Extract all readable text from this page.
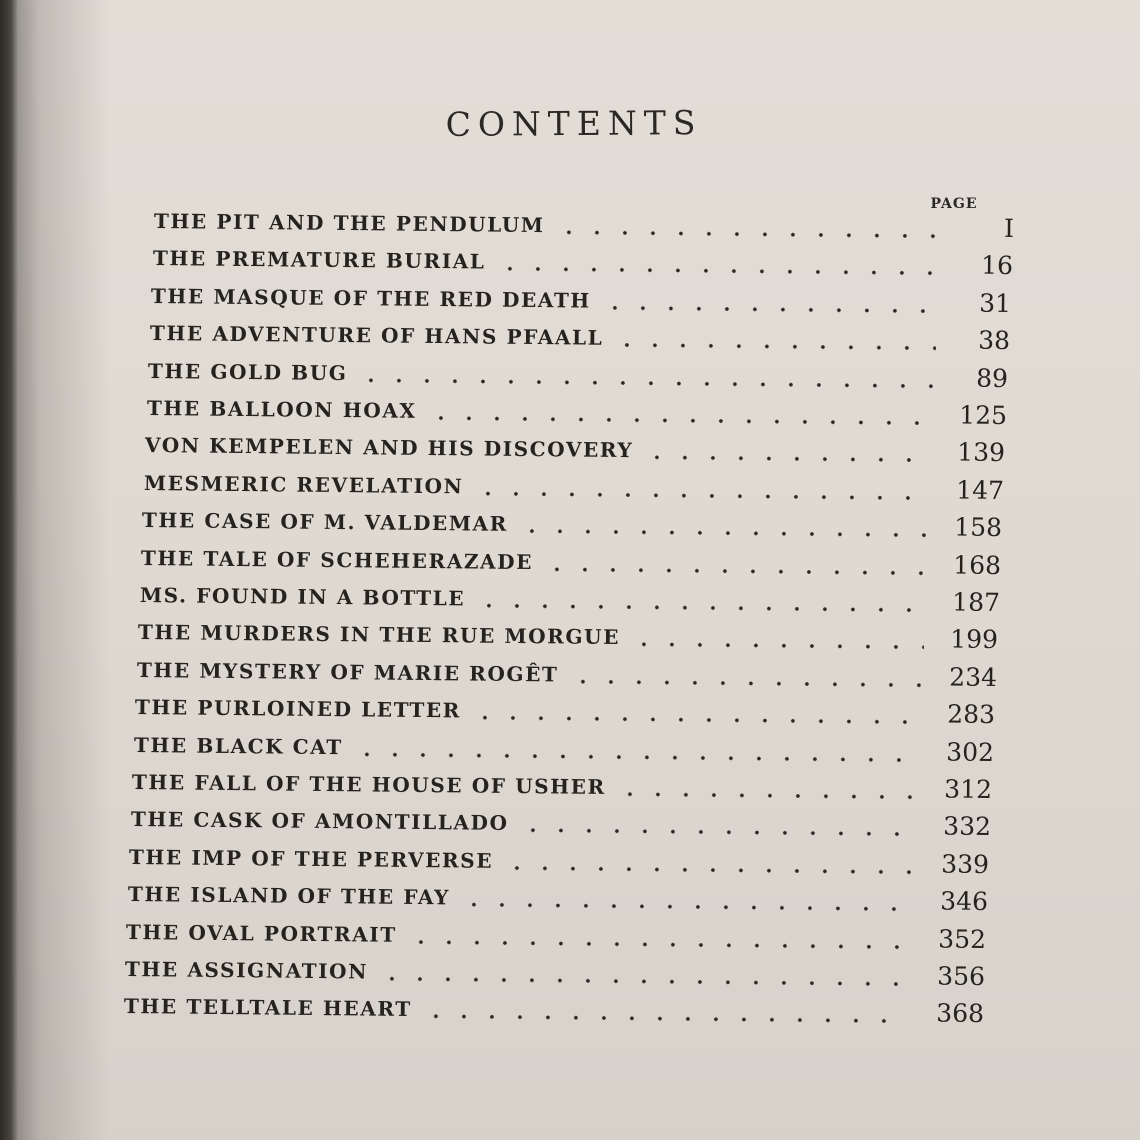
CONTENTS
PAGE
THE PIT AND THE PENDULUM	I
THE PREMATURE BURIAL	16
THE MASQUE OF THE RED DEATH	31
THE ADVENTURE OF HANS PFAALL	38
THE GOLD BUG	89
THE BALLOON HOAX	125
VON KEMPELEN AND HIS DISCOVERY	139
MESMERIC REVELATION	147
THE CASE OF M. VALDEMAR	158
THE TALE OF SCHEHERAZADE	168
MS. FOUND IN A BOTTLE	187
THE MURDERS IN THE RUE MORGUE	199
THE MYSTERY OF MARIE ROGÊT	234
THE PURLOINED LETTER	283
THE BLACK CAT	302
THE FALL OF THE HOUSE OF USHER	312
THE CASK OF AMONTILLADO	332
THE IMP OF THE PERVERSE	339
THE ISLAND OF THE FAY	346
THE OVAL PORTRAIT	352
THE ASSIGNATION	356
THE TELLTALE HEART	368
